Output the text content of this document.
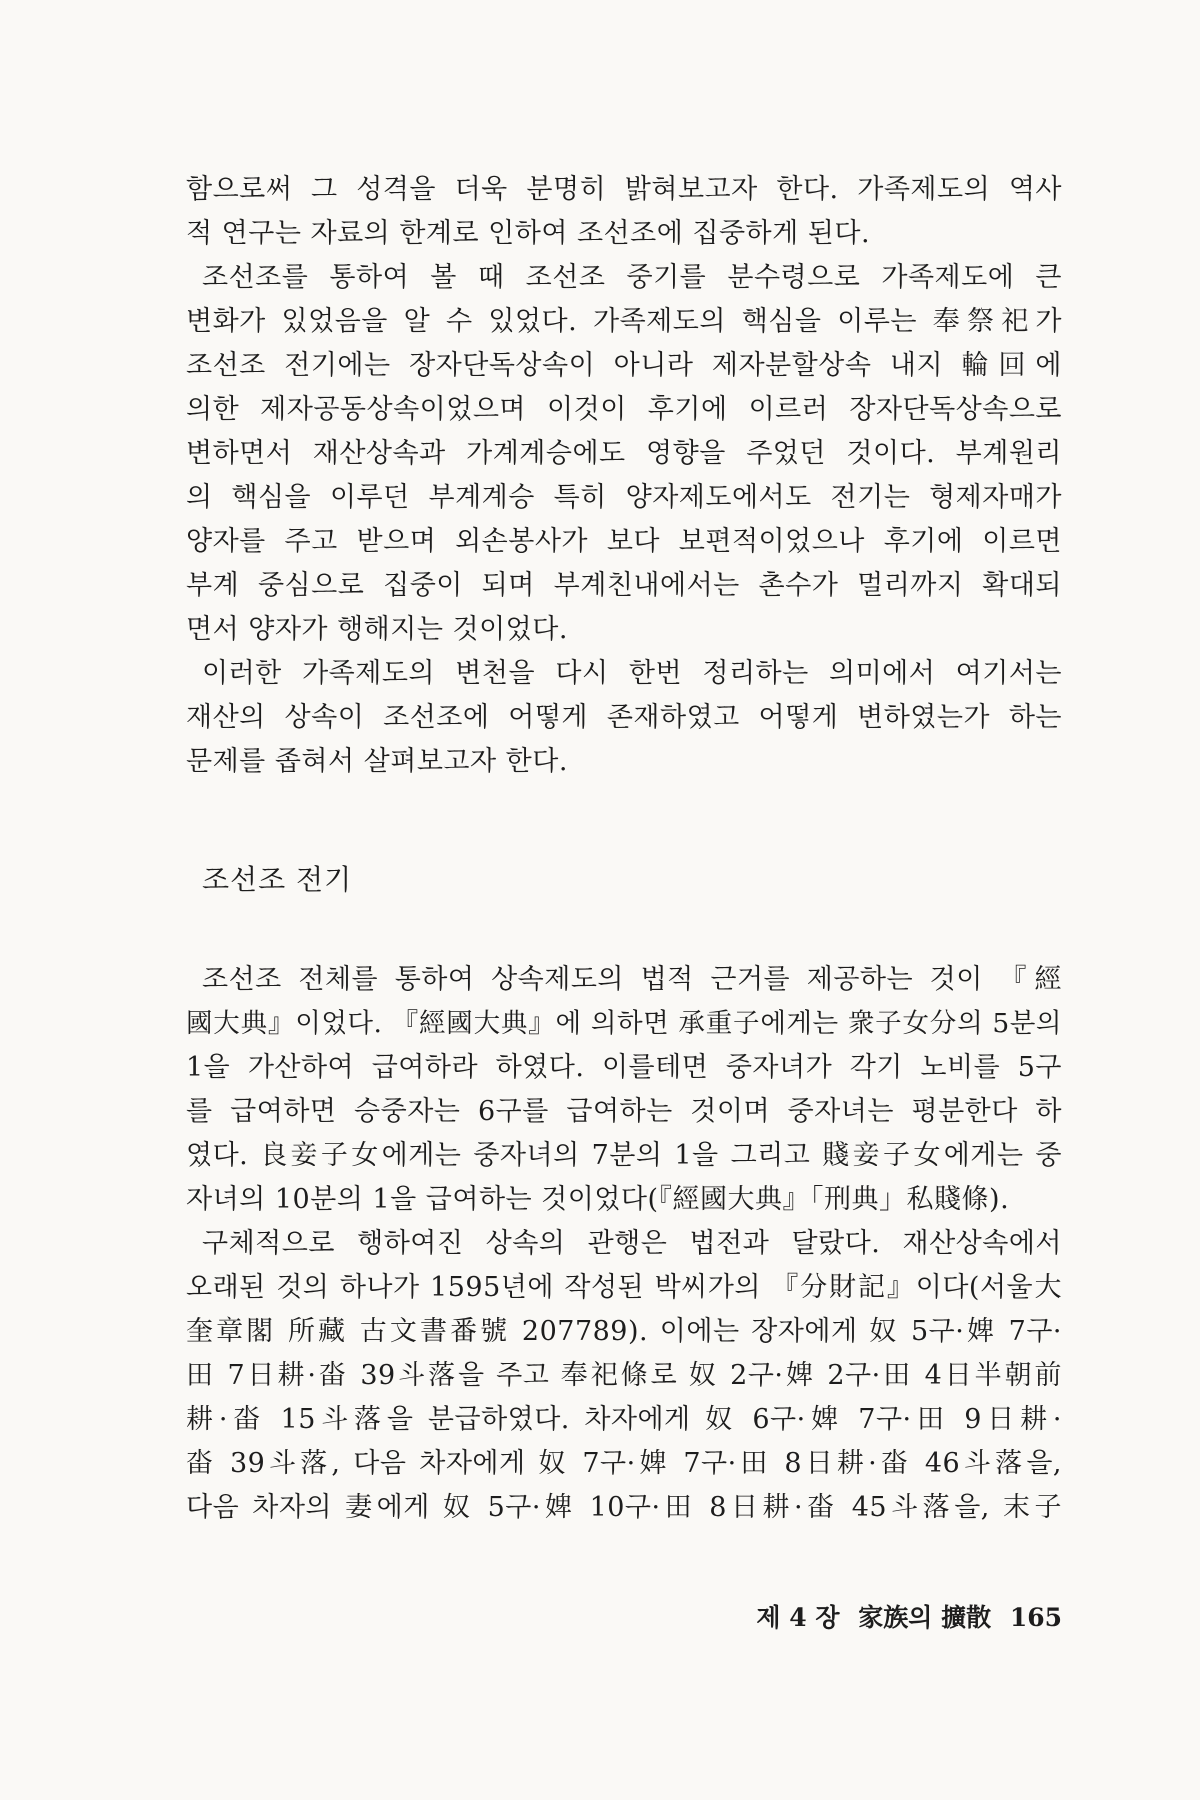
함으로써 그 성격을 더욱 분명히 밝혀보고자 한다. 가족제도의 역사
적 연구는 자료의 한계로 인하여 조선조에 집중하게 된다.
조선조를 통하여 볼 때 조선조 중기를 분수령으로 가족제도에 큰
변화가 있었음을 알 수 있었다. 가족제도의 핵심을 이루는 奉祭祀가
조선조 전기에는 장자단독상속이 아니라 제자분할상속 내지 輪回에
의한 제자공동상속이었으며 이것이 후기에 이르러 장자단독상속으로
변하면서 재산상속과 가계계승에도 영향을 주었던 것이다. 부계원리
의 핵심을 이루던 부계계승 특히 양자제도에서도 전기는 형제자매가
양자를 주고 받으며 외손봉사가 보다 보편적이었으나 후기에 이르면
부계 중심으로 집중이 되며 부계친내에서는 촌수가 멀리까지 확대되
면서 양자가 행해지는 것이었다.
이러한 가족제도의 변천을 다시 한번 정리하는 의미에서 여기서는
재산의 상속이 조선조에 어떻게 존재하였고 어떻게 변하였는가 하는
문제를 좁혀서 살펴보고자 한다.
조선조 전기
조선조 전체를 통하여 상속제도의 법적 근거를 제공하는 것이 『經
國大典』이었다. 『經國大典』에 의하면 承重子에게는 衆子女分의 5분의
1을 가산하여 급여하라 하였다. 이를테면 중자녀가 각기 노비를 5구
를 급여하면 승중자는 6구를 급여하는 것이며 중자녀는 평분한다 하
였다. 良妾子女에게는 중자녀의 7분의 1을 그리고 賤妾子女에게는 중
자녀의 10분의 1을 급여하는 것이었다(『經國大典』「刑典」私賤條).
구체적으로 행하여진 상속의 관행은 법전과 달랐다. 재산상속에서
오래된 것의 하나가 1595년에 작성된 박씨가의 『分財記』이다(서울大
奎章閣 所藏 古文書番號 207789). 이에는 장자에게 奴 5구·婢 7구·
田 7日耕·畓 39斗落을 주고 奉祀條로 奴 2구·婢 2구·田 4日半朝前
耕·畓 15斗落을 분급하였다. 차자에게 奴 6구·婢 7구·田 9日耕·
畓 39斗落, 다음 차자에게 奴 7구·婢 7구·田 8日耕·畓 46斗落을,
다음 차자의 妻에게 奴 5구·婢 10구·田 8日耕·畓 45斗落을, 末子
제 4 장 家族의 擴散 165
